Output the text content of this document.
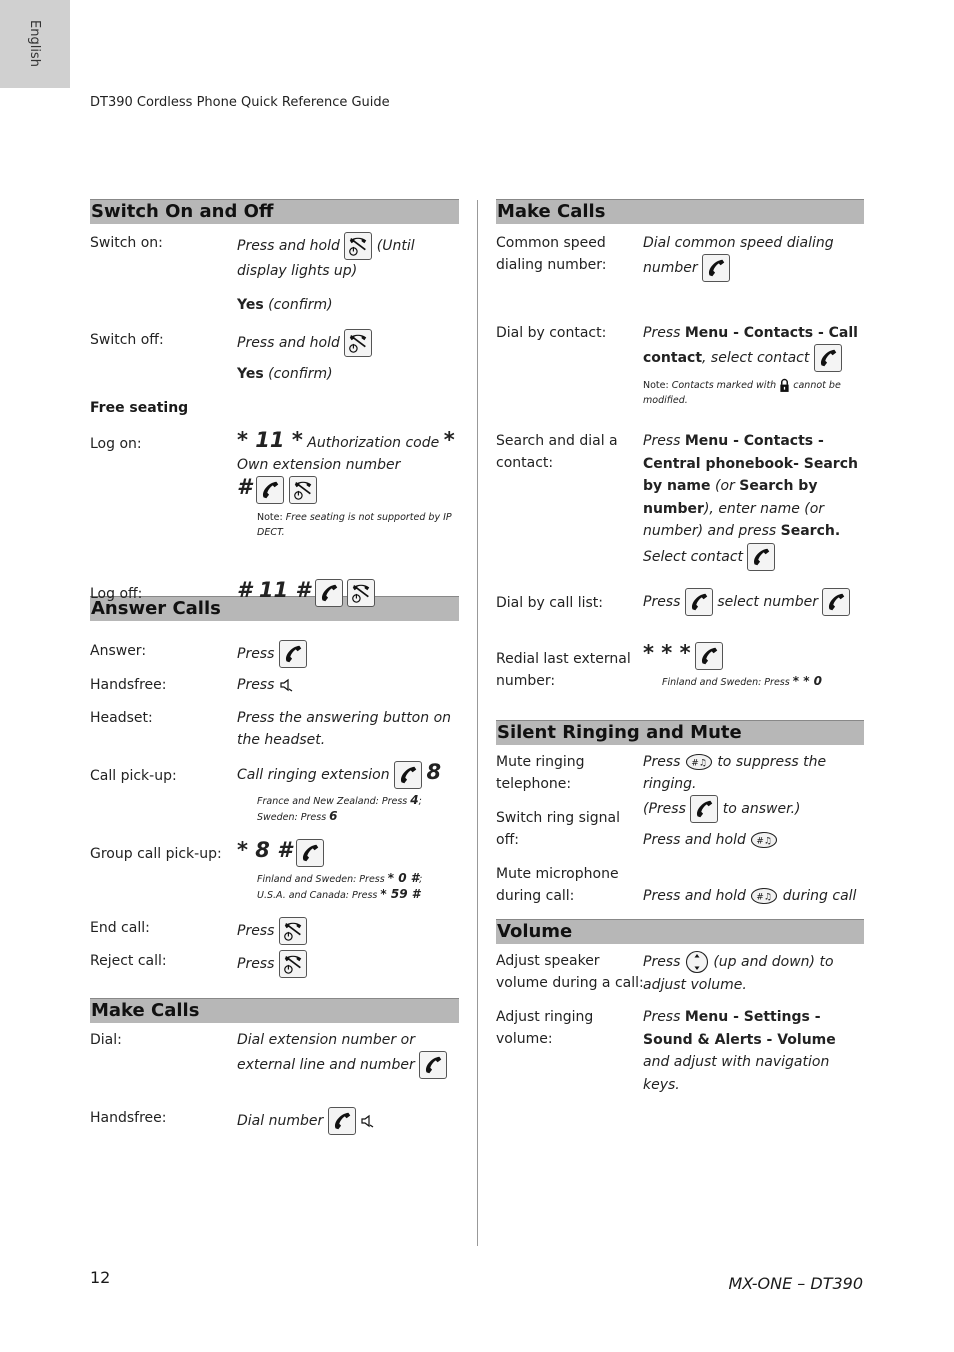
English
DT390 Cordless Phone Quick Reference Guide
Switch On and Off
Switch on:	Press and hold	(Until display lights up)
Yes (confirm)
Switch off:	Press and hold
Yes (confirm)
Free seating
Log on:	* 11 * Authorization code *
Own extension number
#

Note: Free seating is not supported by IP DECT.
Log off:	# 11 #

Answer Calls
Answer:	Press
Handsfree:	Press
Headset:	Press the answering button on the headset.
Call pick-up:	Call ringing extension 8
France and New Zealand: Press 4;
Sweden: Press 6
Group call pick-up: * 8 #
Finland and Sweden: Press * 0 #;
U.S.A. and Canada: Press * 59 #
End call:	Press
Reject call:	Press
Make Calls
Dial:	Dial extension number or external line and number
Handsfree:	Dial number

Make Calls
Common speed dialing number:
Dial common speed dialing number
Dial by contact:	Press Menu - Contacts - Call contact, select contact
Note: Contacts marked with cannot be modified.
Search and dial a contact:
Press Menu - Contacts - Central phonebook- Search by name (or Search by number), enter name (or number) and press Search.
Select contact
Dial by call list:	Press	select number
Redial last external number:
* * *
Finland and Sweden: Press * * 0
Silent Ringing and Mute
Mute ringing telephone:
Press	to suppress the ringing.
(Press	to answer.)
Switch ring signal off:	Press and hold
Mute microphone during call:	Press and hold	during call
Volume
Adjust speaker volume during a call:
Press (up and down) to adjust volume.
Adjust ringing volume:
Press Menu - Settings - Sound & Alerts - Volume and adjust with navigation keys.
12	MX-ONE – DT390
